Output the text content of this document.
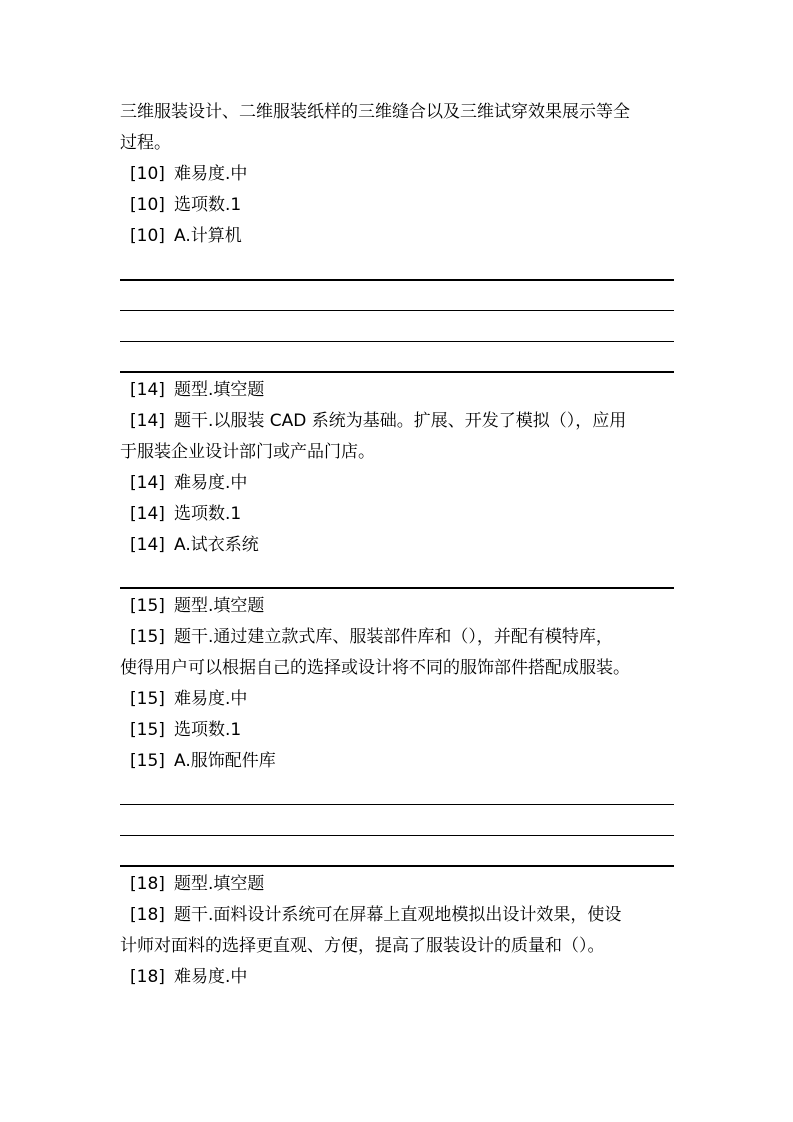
三维服装设计、二维服装纸样的三维缝合以及三维试穿效果展示等全
过程。
[10] 难易度.中
[10] 选项数.1
[10] A.计算机
[14] 题型.填空题
[14] 题干.以服装 CAD 系统为基础。扩展、开发了模拟（），应用
于服装企业设计部门或产品门店。
[14] 难易度.中
[14] 选项数.1
[14] A.试衣系统
[15] 题型.填空题
[15] 题干.通过建立款式库、服装部件库和（），并配有模特库，
使得用户可以根据自己的选择或设计将不同的服饰部件搭配成服装。
[15] 难易度.中
[15] 选项数.1
[15] A.服饰配件库
[18] 题型.填空题
[18] 题干.面料设计系统可在屏幕上直观地模拟出设计效果，使设
计师对面料的选择更直观、方便，提高了服装设计的质量和（）。
[18] 难易度.中
